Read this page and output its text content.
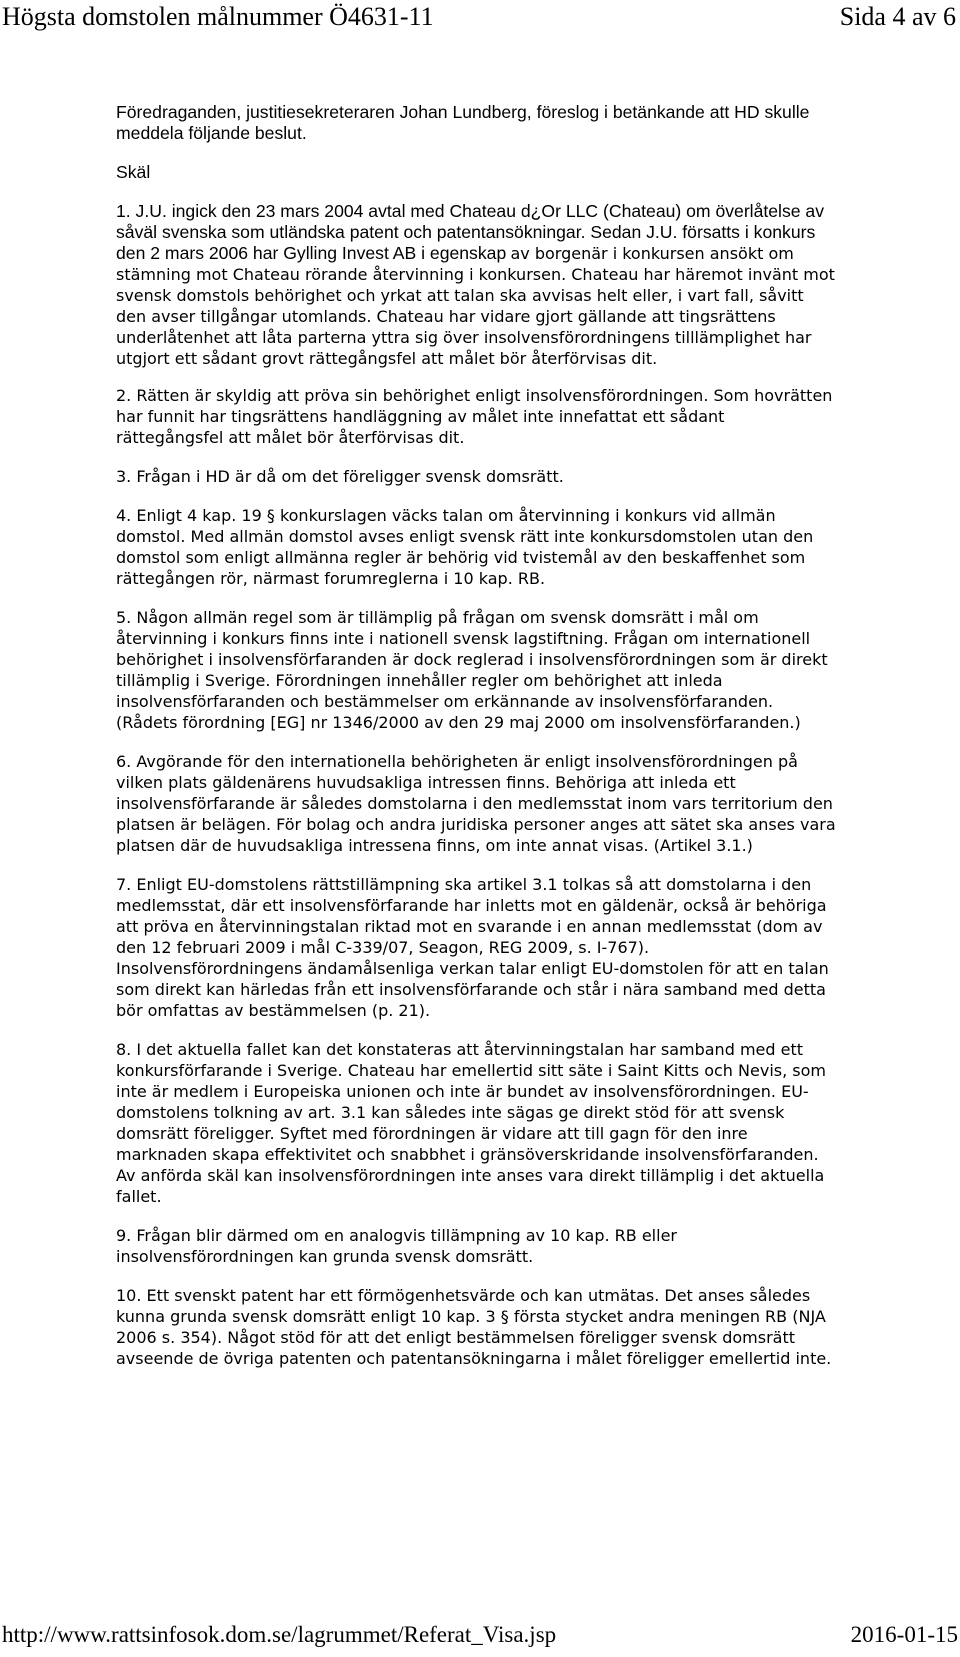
Högsta domstolen målnummer Ö4631-11	Sida 4 av 6

Föredraganden, justitiesekreteraren Johan Lundberg, föreslog i betänkande att HD skulle meddela följande beslut.

Skäl

1. J.U. ingick den 23 mars 2004 avtal med Chateau d¿Or LLC (Chateau) om överlåtelse av såväl svenska som utländska patent och patentansökningar. Sedan J.U. försatts i konkurs den 2 mars 2006 har Gylling Invest AB i egenskap av borgenär i konkursen ansökt om stämning mot Chateau rörande återvinning i konkursen. Chateau har häremot invänt mot svensk domstols behörighet och yrkat att talan ska avvisas helt eller, i vart fall, såvitt den avser tillgångar utomlands. Chateau har vidare gjort gällande att tingsrättens underlåtenhet att låta parterna yttra sig över insolvensförordningens tilllämplighet har utgjort ett sådant grovt rättegångsfel att målet bör återförvisas dit.

2. Rätten är skyldig att pröva sin behörighet enligt insolvensförordningen. Som hovrätten har funnit har tingsrättens handläggning av målet inte innefattat ett sådant rättegångsfel att målet bör återförvisas dit.

3. Frågan i HD är då om det föreligger svensk domsrätt.

4. Enligt 4 kap. 19 § konkurslagen väcks talan om återvinning i konkurs vid allmän domstol. Med allmän domstol avses enligt svensk rätt inte konkursdomstolen utan den domstol som enligt allmänna regler är behörig vid tvistemål av den beskaffenhet som rättegången rör, närmast forumreglerna i 10 kap. RB.

5. Någon allmän regel som är tillämplig på frågan om svensk domsrätt i mål om återvinning i konkurs finns inte i nationell svensk lagstiftning. Frågan om internationell behörighet i insolvensförfaranden är dock reglerad i insolvensförordningen som är direkt tillämplig i Sverige. Förordningen innehåller regler om behörighet att inleda insolvensförfaranden och bestämmelser om erkännande av insolvensförfaranden. (Rådets förordning [EG] nr 1346/2000 av den 29 maj 2000 om insolvensförfaranden.)

6. Avgörande för den internationella behörigheten är enligt insolvensförordningen på vilken plats gäldenärens huvudsakliga intressen finns. Behöriga att inleda ett insolvensförfarande är således domstolarna i den medlemsstat inom vars territorium den platsen är belägen. För bolag och andra juridiska personer anges att sätet ska anses vara platsen där de huvudsakliga intressena finns, om inte annat visas. (Artikel 3.1.)

7. Enligt EU-domstolens rättstillämpning ska artikel 3.1 tolkas så att domstolarna i den medlemsstat, där ett insolvensförfarande har inletts mot en gäldenär, också är behöriga att pröva en återvinningstalan riktad mot en svarande i en annan medlemsstat (dom av den 12 februari 2009 i mål C-339/07, Seagon, REG 2009, s. I-767). Insolvensförordningens ändamålsenliga verkan talar enligt EU-domstolen för att en talan som direkt kan härledas från ett insolvensförfarande och står i nära samband med detta bör omfattas av bestämmelsen (p. 21).

8. I det aktuella fallet kan det konstateras att återvinningstalan har samband med ett konkursförfarande i Sverige. Chateau har emellertid sitt säte i Saint Kitts och Nevis, som inte är medlem i Europeiska unionen och inte är bundet av insolvensförordningen. EU-domstolens tolkning av art. 3.1 kan således inte sägas ge direkt stöd för att svensk domsrätt föreligger. Syftet med förordningen är vidare att till gagn för den inre marknaden skapa effektivitet och snabbhet i gränsöverskridande insolvensförfaranden. Av anförda skäl kan insolvensförordningen inte anses vara direkt tillämplig i det aktuella fallet.

9. Frågan blir därmed om en analogvis tillämpning av 10 kap. RB eller insolvensförordningen kan grunda svensk domsrätt.

10. Ett svenskt patent har ett förmögenhetsvärde och kan utmätas. Det anses således kunna grunda svensk domsrätt enligt 10 kap. 3 § första stycket andra meningen RB (NJA 2006 s. 354). Något stöd för att det enligt bestämmelsen föreligger svensk domsrätt avseende de övriga patenten och patentansökningarna i målet föreligger emellertid inte.

http://www.rattsinfosok.dom.se/lagrummet/Referat_Visa.jsp	2016-01-15
